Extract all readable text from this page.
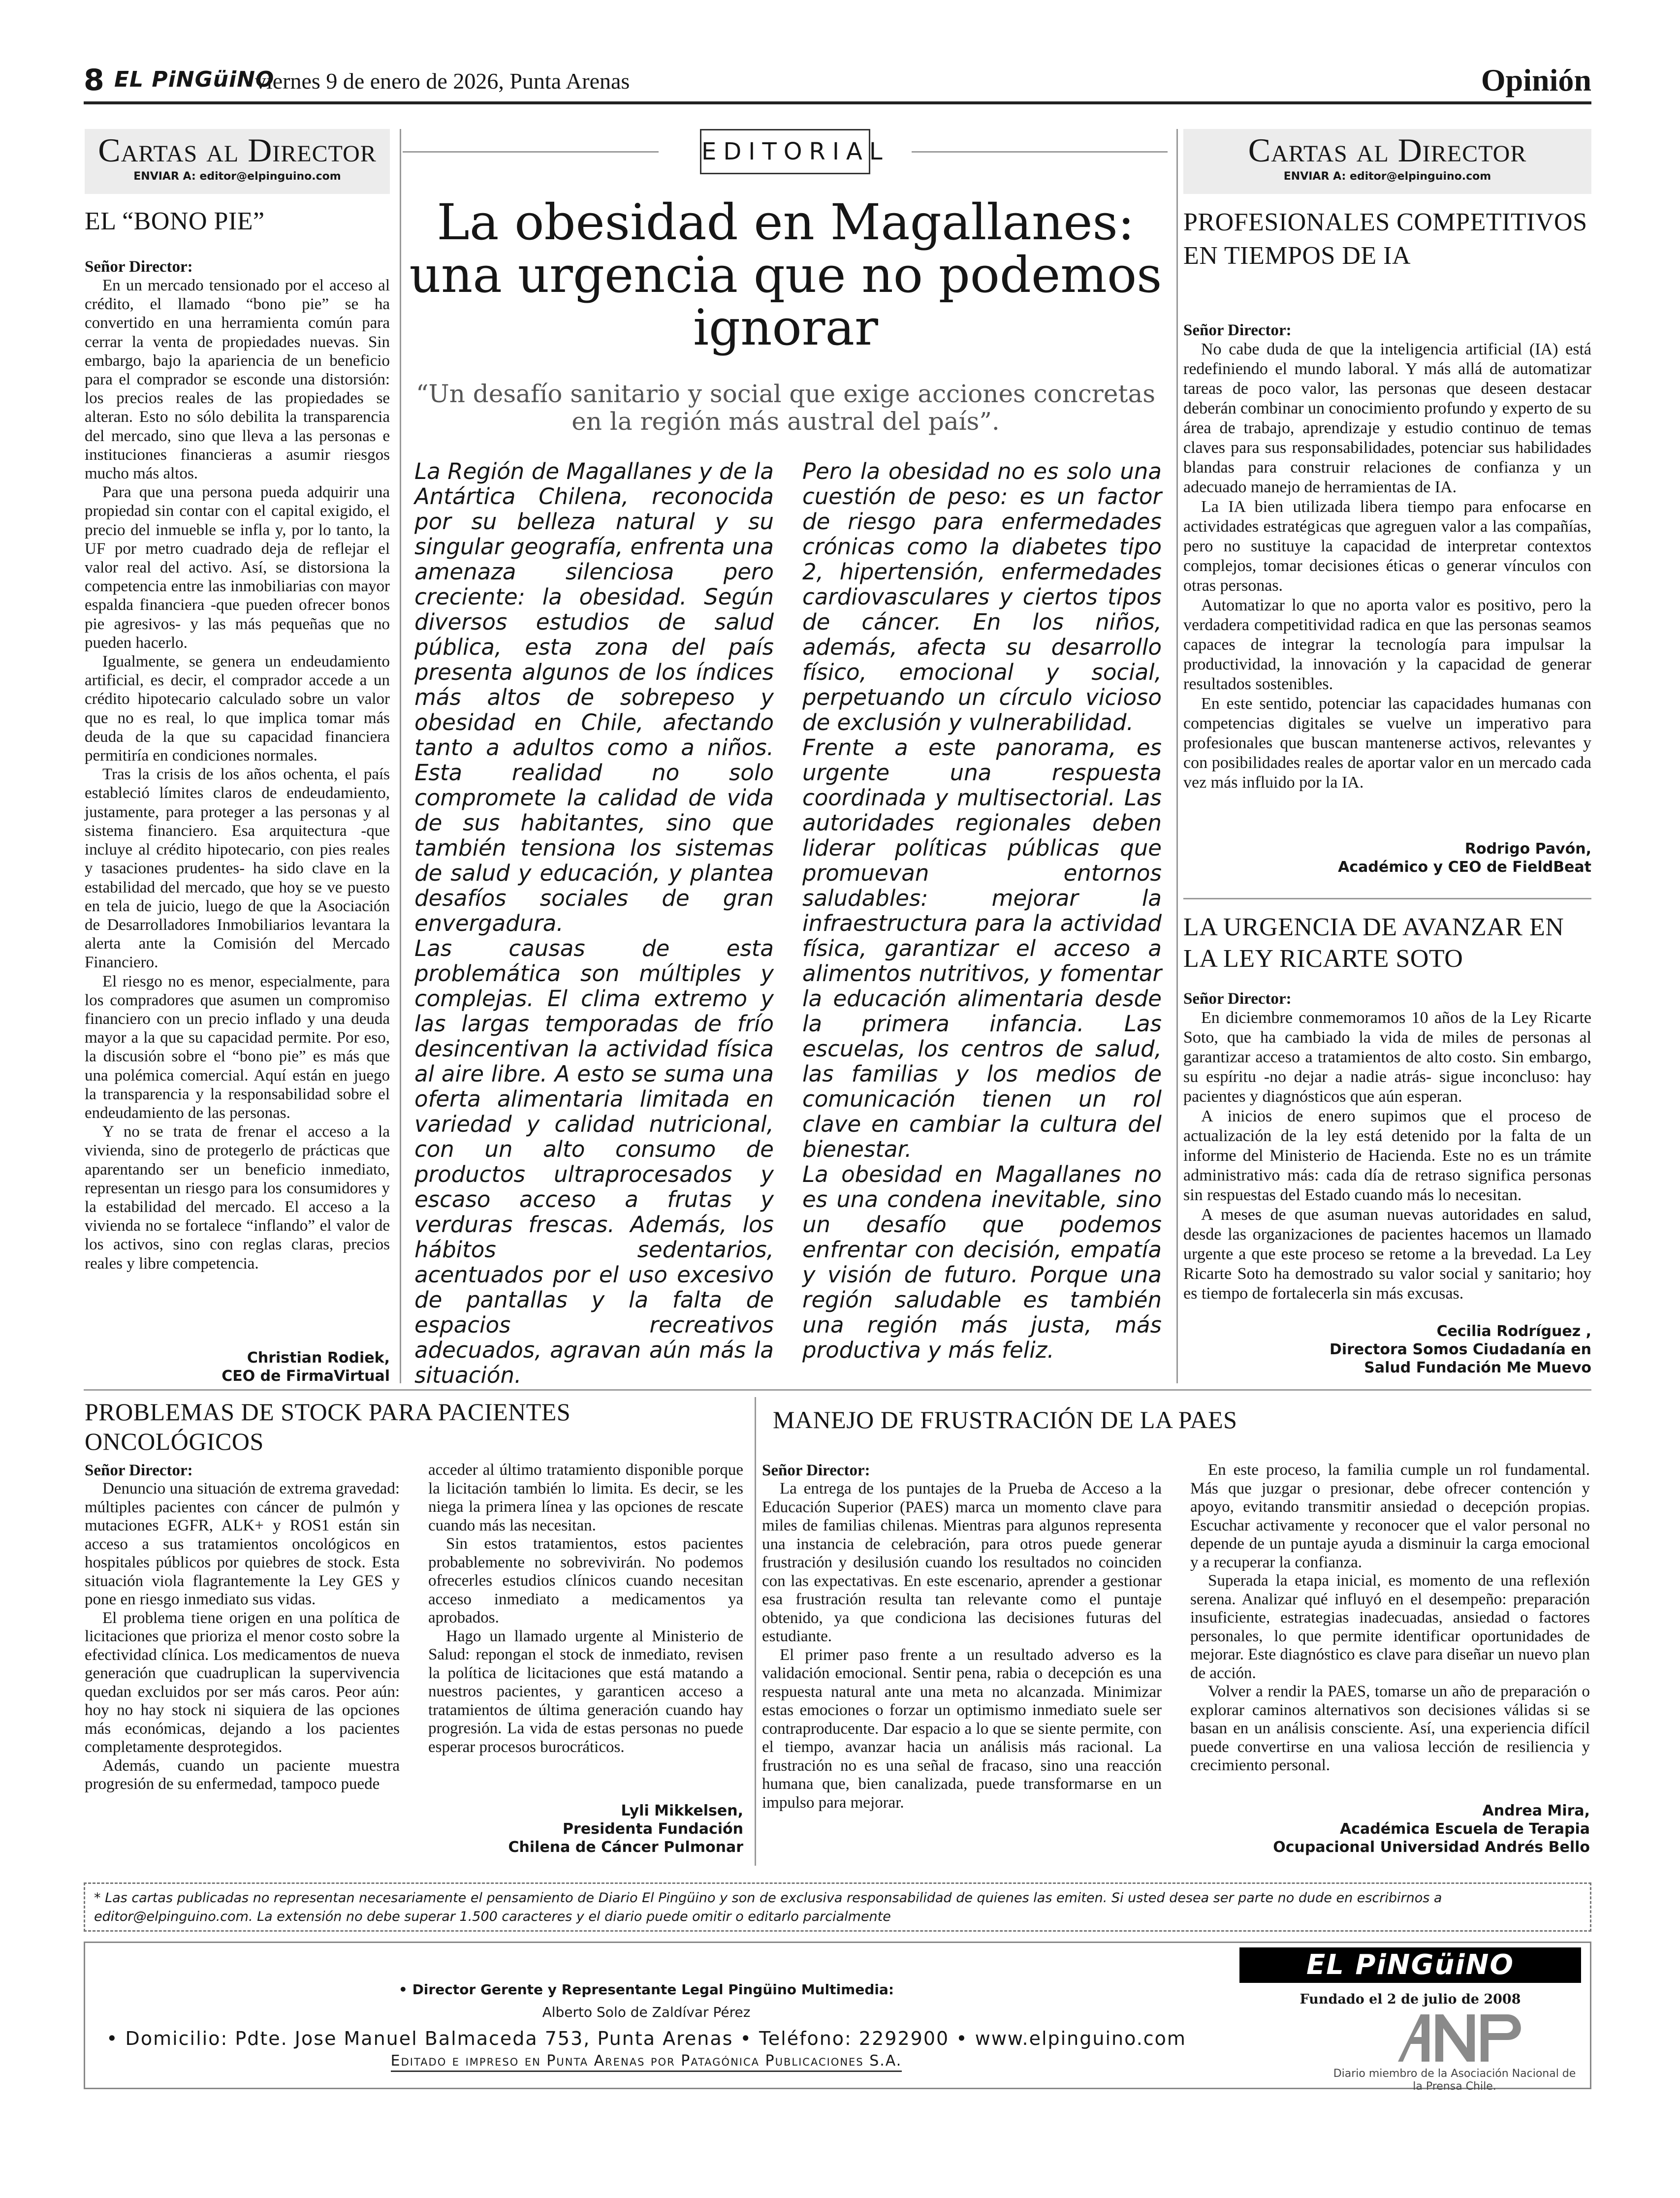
8 EL PiNGüiNO
viernes 9 de enero de 2026, Punta Arenas	Opinión
Cartas al Director
ENVIAR A: editor@elpinguino.com
EL “BONO PIE”
Señor Director:

En un mercado tensionado por el acceso al crédito, el llamado “bono pie” se ha convertido en una herramienta común para cerrar la venta de propiedades nuevas. Sin embargo, bajo la apariencia de un beneficio para el comprador se esconde una distorsión: los precios reales de las propiedades se alteran. Esto no sólo debilita la transparencia del mercado, sino que lleva a las personas e instituciones financieras a asumir riesgos mucho más altos.

Para que una persona pueda adquirir una propiedad sin contar con el capital exigido, el precio del inmueble se infla y, por lo tanto, la UF por metro cuadrado deja de reflejar el valor real del activo. Así, se distorsiona la competencia entre las inmobiliarias con mayor espalda financiera -que pueden ofrecer bonos pie agresivos- y las más pequeñas que no pueden hacerlo.

Igualmente, se genera un endeudamiento artificial, es decir, el comprador accede a un crédito hipotecario calculado sobre un valor que no es real, lo que implica tomar más deuda de la que su capacidad financiera permitiría en condiciones normales.

Tras la crisis de los años ochenta, el país estableció límites claros de endeudamiento, justamente, para proteger a las personas y al sistema financiero. Esa arquitectura -que incluye al crédito hipotecario, con pies reales y tasaciones prudentes- ha sido clave en la estabilidad del mercado, que hoy se ve puesto en tela de juicio, luego de que la Asociación de Desarrolladores Inmobiliarios levantara la alerta ante la Comisión del Mercado Financiero.

El riesgo no es menor, especialmente, para los compradores que asumen un compromiso financiero con un precio inflado y una deuda mayor a la que su capacidad permite. Por eso, la discusión sobre el “bono pie” es más que una polémica comercial. Aquí están en juego la transparencia y la responsabilidad sobre el endeudamiento de las personas.

Y no se trata de frenar el acceso a la vivienda, sino de protegerlo de prácticas que aparentando ser un beneficio inmediato, representan un riesgo para los consumidores y la estabilidad del mercado. El acceso a la vivienda no se fortalece “inflando” el valor de los activos, sino con reglas claras, precios reales y libre competencia.

Christian Rodiek,
CEO de FirmaVirtual
EDITORIAL
La obesidad en Magallanes: una urgencia que no podemos ignorar
“Un desafío sanitario y social que exige acciones concretas en la región más austral del país”.

La Región de Magallanes y de la Antártica Chilena, reconocida por su belleza natural y su singular geografía, enfrenta una amenaza silenciosa pero creciente: la obesidad. Según diversos estudios de salud pública, esta zona del país presenta algunos de los índices más altos de sobrepeso y obesidad en Chile, afectando tanto a adultos como a niños. Esta realidad no solo compromete la calidad de vida de sus habitantes, sino que también tensiona los sistemas de salud y educación, y plantea desafíos sociales de gran envergadura.

Las causas de esta problemática son múltiples y complejas. El clima extremo y las largas temporadas de frío desincentivan la actividad física al aire libre. A esto se suma una oferta alimentaria limitada en variedad y calidad nutricional, con un alto consumo de productos ultraprocesados y escaso acceso a frutas y verduras frescas. Además, los hábitos sedentarios, acentuados por el uso excesivo de pantallas y la falta de espacios recreativos adecuados, agravan aún más la situación.

Pero la obesidad no es solo una cuestión de peso: es un factor de riesgo para enfermedades crónicas como la diabetes tipo 2, hipertensión, enfermedades cardiovasculares y ciertos tipos de cáncer. En los niños, además, afecta su desarrollo físico, emocional y social, perpetuando un círculo vicioso de exclusión y vulnerabilidad.

Frente a este panorama, es urgente una respuesta coordinada y multisectorial. Las autoridades regionales deben liderar políticas públicas que promuevan entornos saludables: mejorar la infraestructura para la actividad física, garantizar el acceso a alimentos nutritivos, y fomentar la educación alimentaria desde la primera infancia. Las escuelas, los centros de salud, las familias y los medios de comunicación tienen un rol clave en cambiar la cultura del bienestar.

La obesidad en Magallanes no es una condena inevitable, sino un desafío que podemos enfrentar con decisión, empatía y visión de futuro. Porque una región saludable es también una región más justa, más productiva y más feliz.

Cartas al Director
ENVIAR A: editor@elpinguino.com
PROFESIONALES COMPETITIVOS EN TIEMPOS DE IA
Señor Director:

No cabe duda de que la inteligencia artificial (IA) está redefiniendo el mundo laboral. Y más allá de automatizar tareas de poco valor, las personas que deseen destacar deberán combinar un conocimiento profundo y experto de su área de trabajo, aprendizaje y estudio continuo de temas claves para sus responsabilidades, potenciar sus habilidades blandas para construir relaciones de confianza y un adecuado manejo de herramientas de IA.

La IA bien utilizada libera tiempo para enfocarse en actividades estratégicas que agreguen valor a las compañías, pero no sustituye la capacidad de interpretar contextos complejos, tomar decisiones éticas o generar vínculos con otras personas.

Automatizar lo que no aporta valor es positivo, pero la verdadera competitividad radica en que las personas seamos capaces de integrar la tecnología para impulsar la productividad, la innovación y la capacidad de generar resultados sostenibles.

En este sentido, potenciar las capacidades humanas con competencias digitales se vuelve un imperativo para profesionales que buscan mantenerse activos, relevantes y con posibilidades reales de aportar valor en un mercado cada vez más influido por la IA.

Rodrigo Pavón,
Académico y CEO de FieldBeat
LA URGENCIA DE AVANZAR EN LA LEY RICARTE SOTO
Señor Director:

En diciembre conmemoramos 10 años de la Ley Ricarte Soto, que ha cambiado la vida de miles de personas al garantizar acceso a tratamientos de alto costo. Sin embargo, su espíritu -no dejar a nadie atrás- sigue inconcluso: hay pacientes y diagnósticos que aún esperan.

A inicios de enero supimos que el proceso de actualización de la ley está detenido por la falta de un informe del Ministerio de Hacienda. Este no es un trámite administrativo más: cada día de retraso significa personas sin respuestas del Estado cuando más lo necesitan.

A meses de que asuman nuevas autoridades en salud, desde las organizaciones de pacientes hacemos un llamado urgente a que este proceso se retome a la brevedad. La Ley Ricarte Soto ha demostrado su valor social y sanitario; hoy es tiempo de fortalecerla sin más excusas.

Cecilia Rodríguez ,
Directora Somos Ciudadanía en
Salud Fundación Me Muevo
PROBLEMAS DE STOCK PARA PACIENTES ONCOLÓGICOS
Señor Director:

Denuncio una situación de extrema gravedad: múltiples pacientes con cáncer de pulmón y mutaciones EGFR, ALK+ y ROS1 están sin acceso a sus tratamientos oncológicos en hospitales públicos por quiebres de stock. Esta situación viola flagrantemente la Ley GES y pone en riesgo inmediato sus vidas.

El problema tiene origen en una política de licitaciones que prioriza el menor costo sobre la efectividad clínica. Los medicamentos de nueva generación que cuadruplican la supervivencia quedan excluidos por ser más caros. Peor aún: hoy no hay stock ni siquiera de las opciones más económicas, dejando a los pacientes completamente desprotegidos.

Además, cuando un paciente muestra progresión de su enfermedad, tampoco puede

acceder al último tratamiento disponible porque la licitación también lo limita. Es decir, se les niega la primera línea y las opciones de rescate cuando más las necesitan.

Sin estos tratamientos, estos pacientes probablemente no sobrevivirán. No podemos ofrecerles estudios clínicos cuando necesitan acceso inmediato a medicamentos ya aprobados.

Hago un llamado urgente al Ministerio de Salud: repongan el stock de inmediato, revisen la política de licitaciones que está matando a nuestros pacientes, y garanticen acceso a tratamientos de última generación cuando hay progresión. La vida de estas personas no puede esperar procesos burocráticos.

Lyli Mikkelsen,
Presidenta Fundación
Chilena de Cáncer Pulmonar
MANEJO DE FRUSTRACIÓN DE LA PAES
Señor Director:

La entrega de los puntajes de la Prueba de Acceso a la Educación Superior (PAES) marca un momento clave para miles de familias chilenas. Mientras para algunos representa una instancia de celebración, para otros puede generar frustración y desilusión cuando los resultados no coinciden con las expectativas. En este escenario, aprender a gestionar esa frustración resulta tan relevante como el puntaje obtenido, ya que condiciona las decisiones futuras del estudiante.

El primer paso frente a un resultado adverso es la validación emocional. Sentir pena, rabia o decepción es una respuesta natural ante una meta no alcanzada. Minimizar estas emociones o forzar un optimismo inmediato suele ser contraproducente. Dar espacio a lo que se siente permite, con el tiempo, avanzar hacia un análisis más racional. La frustración no es una señal de fracaso, sino una reacción humana que, bien canalizada, puede transformarse en un impulso para mejorar.

En este proceso, la familia cumple un rol fundamental. Más que juzgar o presionar, debe ofrecer contención y apoyo, evitando transmitir ansiedad o decepción propias. Escuchar activamente y reconocer que el valor personal no depende de un puntaje ayuda a disminuir la carga emocional y a recuperar la confianza.

Superada la etapa inicial, es momento de una reflexión serena. Analizar qué influyó en el desempeño: preparación insuficiente, estrategias inadecuadas, ansiedad o factores personales, lo que permite identificar oportunidades de mejorar. Este diagnóstico es clave para diseñar un nuevo plan de acción.

Volver a rendir la PAES, tomarse un año de preparación o explorar caminos alternativos son decisiones válidas si se basan en un análisis consciente. Así, una experiencia difícil puede convertirse en una valiosa lección de resiliencia y crecimiento personal.

Andrea Mira,
Académica Escuela de Terapia
Ocupacional Universidad Andrés Bello
* Las cartas publicadas no representan necesariamente el pensamiento de Diario El Pingüino y son de exclusiva responsabilidad de quienes las emiten. Si usted desea ser parte no dude en escribirnos a editor@elpinguino.com. La extensión no debe superar 1.500 caracteres y el diario puede omitir o editarlo parcialmente
• Director Gerente y Representante Legal Pingüino Multimedia:
Alberto Solo de Zaldívar Pérez
• Domicilio: Pdte. Jose Manuel Balmaceda 753, Punta Arenas • Teléfono: 2292900 • www.elpinguino.com
Editado e impreso en Punta Arenas por Patagónica Publicaciones S.A.
EL PiNGüiNO
Fundado el 2 de julio de 2008
Diario miembro de la Asociación Nacional de la Prensa Chile.
